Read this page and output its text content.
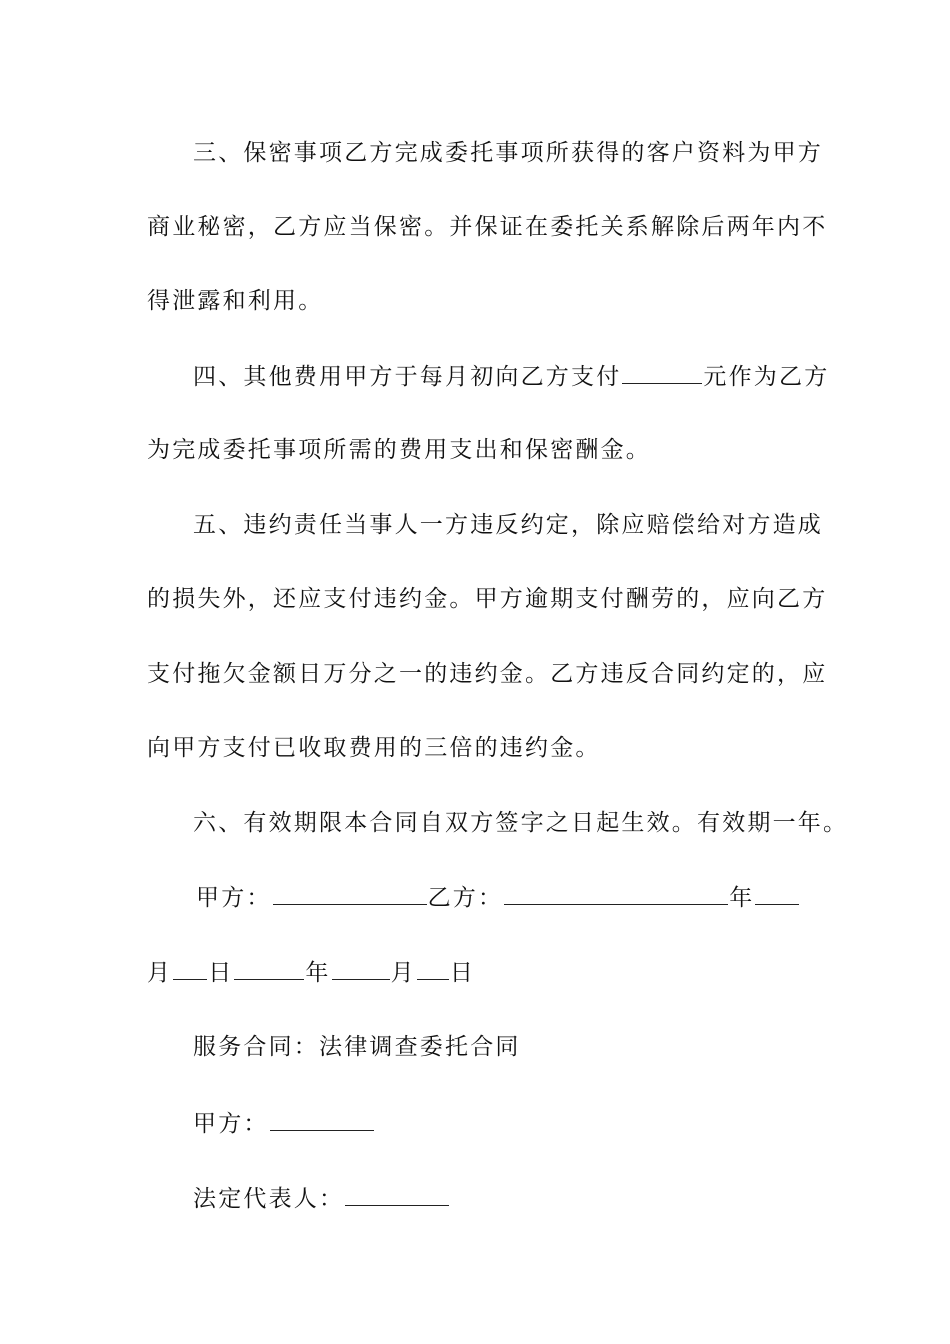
三、保密事项乙方完成委托事项所获得的客户资料为甲方
商业秘密，乙方应当保密。并保证在委托关系解除后两年内不
得泄露和利用。
四、其他费用甲方于每月初向乙方支付	元作为乙方
为完成委托事项所需的费用支出和保密酬金。
五、违约责任当事人一方违反约定，除应赔偿给对方造成
的损失外，还应支付违约金。甲方逾期支付酬劳的，应向乙方
支付拖欠金额日万分之一的违约金。乙方违反合同约定的，应
向甲方支付已收取费用的三倍的违约金。
六、有效期限本合同自双方签字之日起生效。有效期一年。
甲方：	乙方：	年
月 日	年	月 日
服务合同：法律调查委托合同
甲方：
法定代表人：
